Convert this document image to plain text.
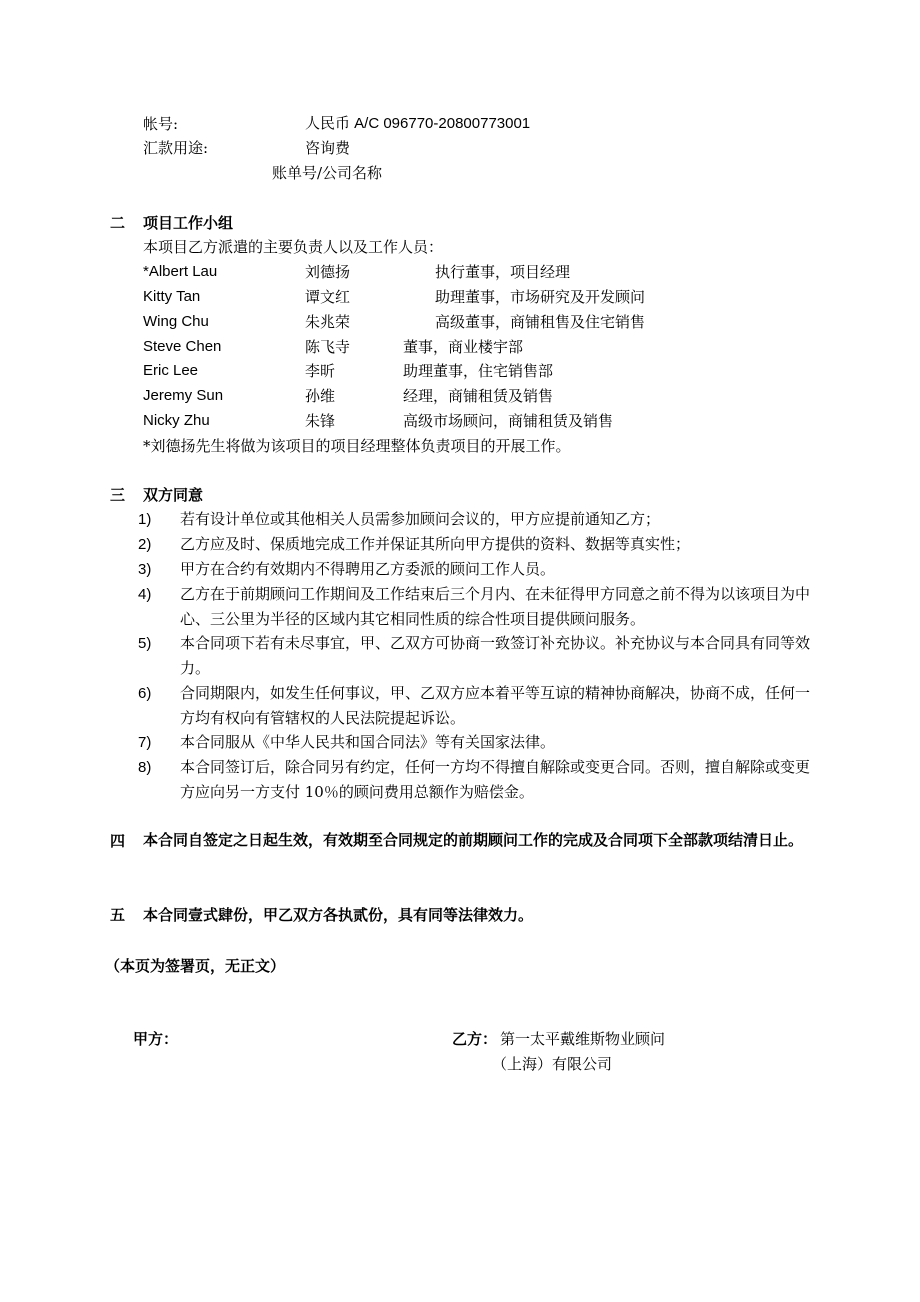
帐号:	人民币 A/C 096770-20800773001
汇款用途:	咨询费
账单号/公司名称
二 项目工作小组
本项目乙方派遣的主要负责人以及工作人员：
*Albert Lau	刘德扬	执行董事，项目经理
Kitty Tan	谭文红	助理董事，市场研究及开发顾问
Wing Chu	朱兆荣	高级董事，商铺租售及住宅销售
Steve Chen	陈飞寺	董事，商业楼宇部
Eric Lee	李昕	助理董事，住宅销售部
Jeremy Sun	孙维	经理，商铺租赁及销售
Nicky Zhu	朱锋	高级市场顾问，商铺租赁及销售
*刘德扬先生将做为该项目的项目经理整体负责项目的开展工作。
三 双方同意
1) 若有设计单位或其他相关人员需参加顾问会议的，甲方应提前通知乙方；
2) 乙方应及时、保质地完成工作并保证其所向甲方提供的资料、数据等真实性；
3) 甲方在合约有效期内不得聘用乙方委派的顾问工作人员。
4) 乙方在于前期顾问工作期间及工作结束后三个月内、在未征得甲方同意之前不得为以该项目为中心、三公里为半径的区域内其它相同性质的综合性项目提供顾问服务。
5) 本合同项下若有未尽事宜，甲、乙双方可协商一致签订补充协议。补充协议与本合同具有同等效力。
6) 合同期限内，如发生任何事议，甲、乙双方应本着平等互谅的精神协商解决，协商不成，任何一方均有权向有管辖权的人民法院提起诉讼。
7) 本合同服从《中华人民共和国合同法》等有关国家法律。
8) 本合同签订后，除合同另有约定，任何一方均不得擅自解除或变更合同。否则，擅自解除或变更方应向另一方支付 10％的顾问费用总额作为赔偿金。
四	本合同自签定之日起生效，有效期至合同规定的前期顾问工作的完成及合同项下全部款项结清日止。
五 本合同壹式肆份，甲乙双方各执贰份，具有同等法律效力。
（本页为签署页，无正文）
甲方：	乙方： 第一太平戴维斯物业顾问
（上海）有限公司
